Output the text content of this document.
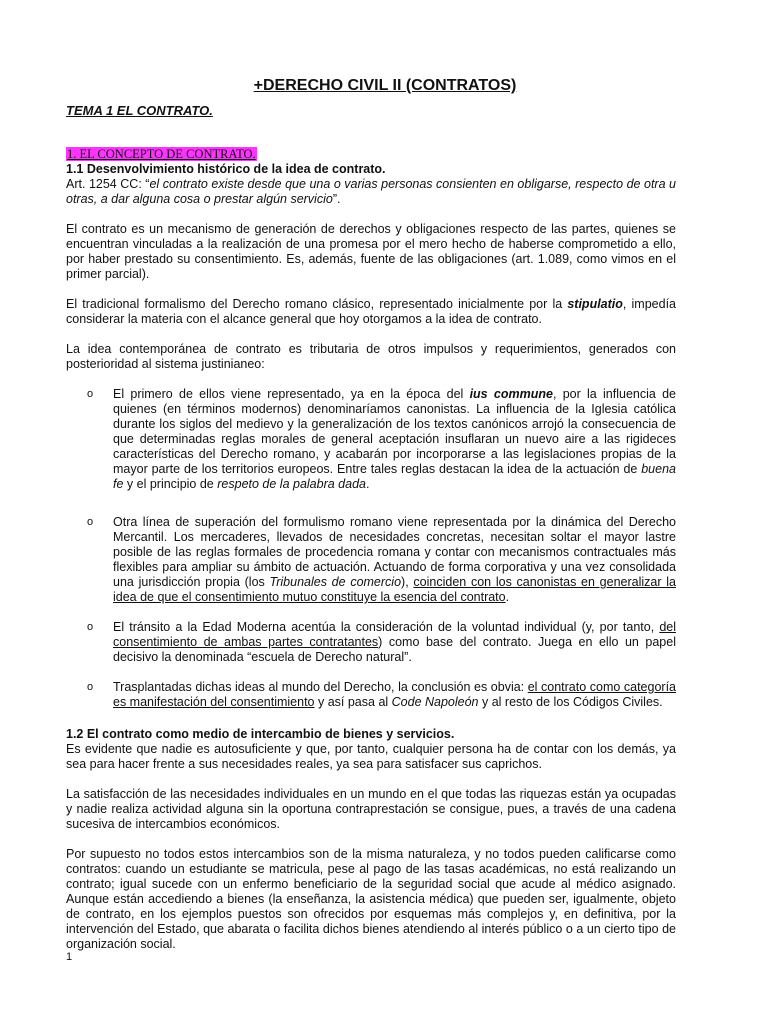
+DERECHO CIVIL II (CONTRATOS)
TEMA 1 EL CONTRATO.
1. EL CONCEPTO DE CONTRATO.
1.1 Desenvolvimiento histórico de la idea de contrato.

Art. 1254 CC: “el contrato existe desde que una o varias personas consienten en obligarse, respecto de otra u otras, a dar alguna cosa o prestar algún servicio”.

El contrato es un mecanismo de generación de derechos y obligaciones respecto de las partes, quienes se encuentran vinculadas a la realización de una promesa por el mero hecho de haberse comprometido a ello, por haber prestado su consentimiento. Es, además, fuente de las obligaciones (art. 1.089, como vimos en el primer parcial).

El tradicional formalismo del Derecho romano clásico, representado inicialmente por la stipulatio, impedía considerar la materia con el alcance general que hoy otorgamos a la idea de contrato.

La idea contemporánea de contrato es tributaria de otros impulsos y requerimientos, generados con posterioridad al sistema justinianeo:

o El primero de ellos viene representado, ya en la época del ius commune, por la influencia de quienes (en términos modernos) denominaríamos canonistas. La influencia de la Iglesia católica durante los siglos del medievo y la generalización de los textos canónicos arrojó la consecuencia de que determinadas reglas morales de general aceptación insuflaran un nuevo aire a las rigideces características del Derecho romano, y acabarán por incorporarse a las legislaciones propias de la mayor parte de los territorios europeos. Entre tales reglas destacan la idea de la actuación de buena fe y el principio de respeto de la palabra dada.
o Otra línea de superación del formulismo romano viene representada por la dinámica del Derecho Mercantil. Los mercaderes, llevados de necesidades concretas, necesitan soltar el mayor lastre posible de las reglas formales de procedencia romana y contar con mecanismos contractuales más flexibles para ampliar su ámbito de actuación. Actuando de forma corporativa y una vez consolidada una jurisdicción propia (los Tribunales de comercio), coinciden con los canonistas en generalizar la idea de que el consentimiento mutuo constituye la esencia del contrato.
o El tránsito a la Edad Moderna acentúa la consideración de la voluntad individual (y, por tanto, del consentimiento de ambas partes contratantes) como base del contrato. Juega en ello un papel decisivo la denominada “escuela de Derecho natural”.
o Trasplantadas dichas ideas al mundo del Derecho, la conclusión es obvia: el contrato como categoría es manifestación del consentimiento y así pasa al Code Napoleón y al resto de los Códigos Civiles.
1.2 El contrato como medio de intercambio de bienes y servicios.

Es evidente que nadie es autosuficiente y que, por tanto, cualquier persona ha de contar con los demás, ya sea para hacer frente a sus necesidades reales, ya sea para satisfacer sus caprichos.

La satisfacción de las necesidades individuales en un mundo en el que todas las riquezas están ya ocupadas y nadie realiza actividad alguna sin la oportuna contraprestación se consigue, pues, a través de una cadena sucesiva de intercambios económicos.

Por supuesto no todos estos intercambios son de la misma naturaleza, y no todos pueden calificarse como contratos: cuando un estudiante se matricula, pese al pago de las tasas académicas, no está realizando un contrato; igual sucede con un enfermo beneficiario de la seguridad social que acude al médico asignado. Aunque están accediendo a bienes (la enseñanza, la asistencia médica) que pueden ser, igualmente, objeto de contrato, en los ejemplos puestos son ofrecidos por esquemas más complejos y, en definitiva, por la intervención del Estado, que abarata o facilita dichos bienes atendiendo al interés público o a un cierto tipo de organización social.

1
